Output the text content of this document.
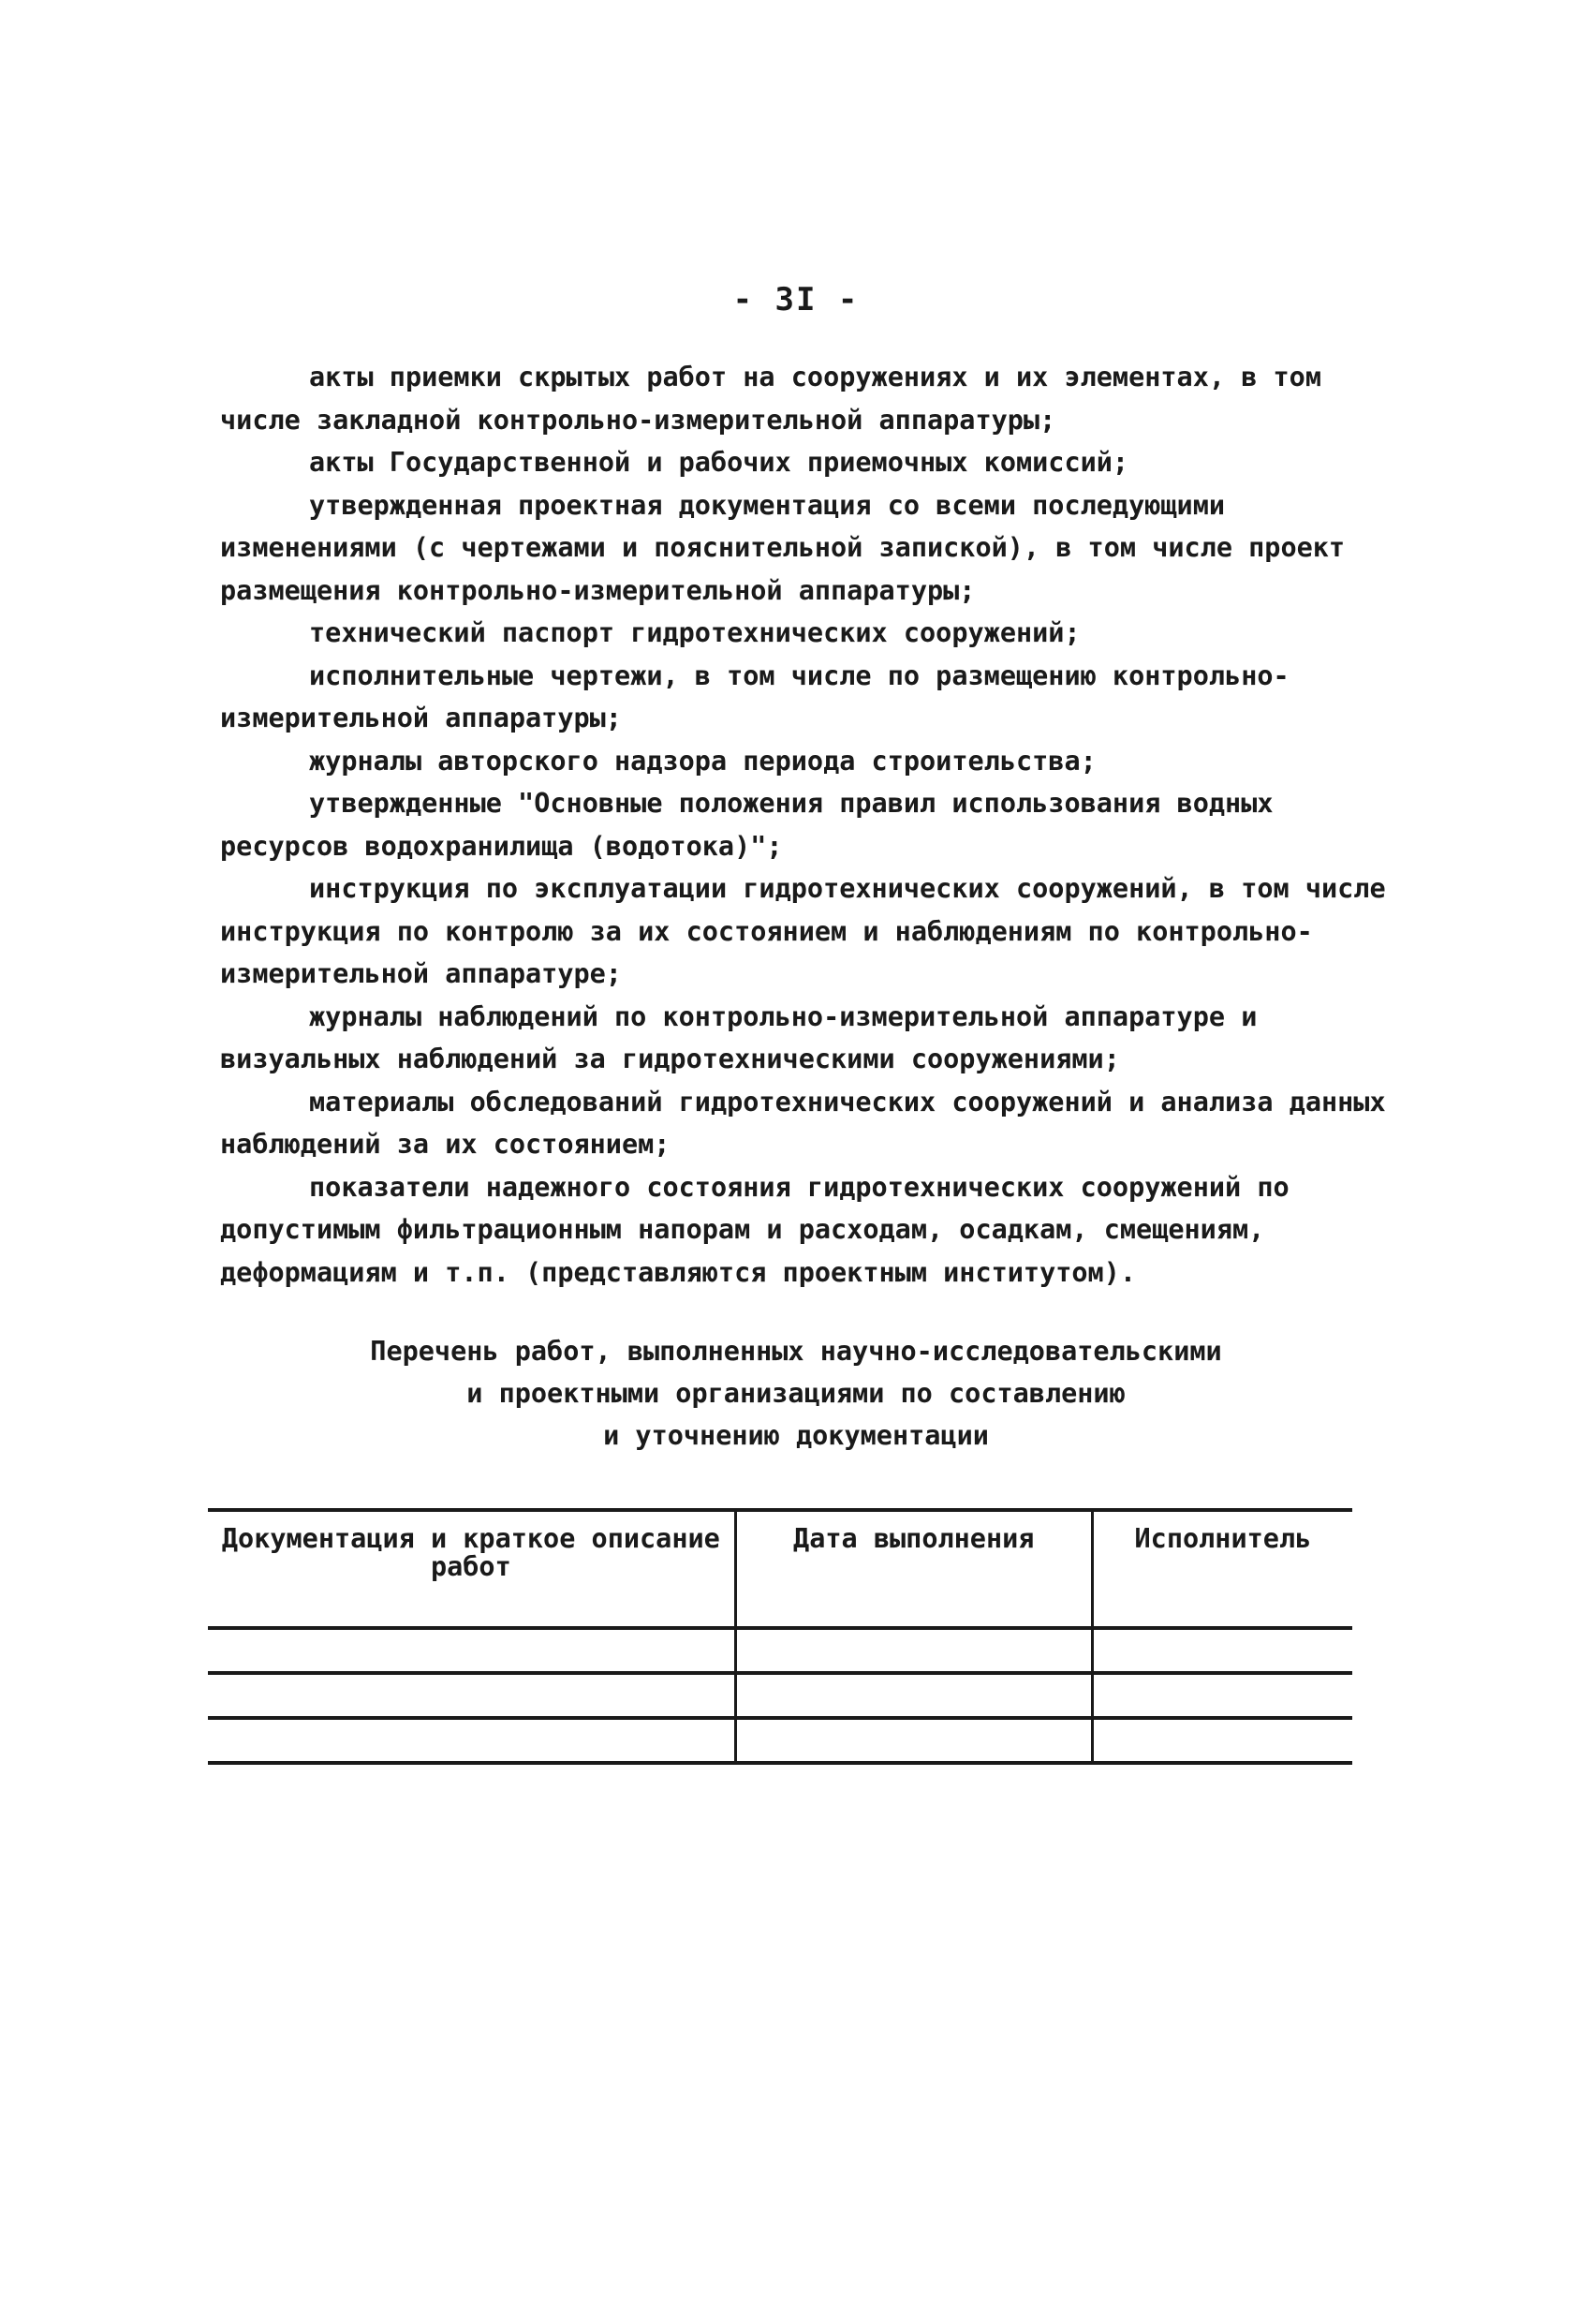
- 3I -

акты приемки скрытых работ на сооружениях и их элементах, в том числе закладной контрольно-измерительной аппаратуры;

акты Государственной и рабочих приемочных комиссий;

утвержденная проектная документация со всеми последующими изменениями (с чертежами и пояснительной запиской), в том числе проект размещения контрольно-измерительной аппаратуры;

технический паспорт гидротехнических сооружений;

исполнительные чертежи, в том числе по размещению контрольно-измерительной аппаратуры;

журналы авторского надзора периода строительства;

утвержденные "Основные положения правил использования водных ресурсов водохранилища (водотока)";

инструкция по эксплуатации гидротехнических сооружений, в том числе инструкция по контролю за их состоянием и наблюдениям по контрольно-измерительной аппаратуре;

журналы наблюдений по контрольно-измерительной аппаратуре и визуальных наблюдений за гидротехническими сооружениями;

материалы обследований гидротехнических сооружений и анализа данных наблюдений за их состоянием;

показатели надежного состояния гидротехнических сооружений по допустимым фильтрационным напорам и расходам, осадкам, смещениям, деформациям и т.п. (представляются проектным институтом).

Перечень работ, выполненных научно-исследовательскими
и проектными организациями по составлению
и уточнению документации
Документация и краткое описание работ	Дата выполнения	Исполнитель
